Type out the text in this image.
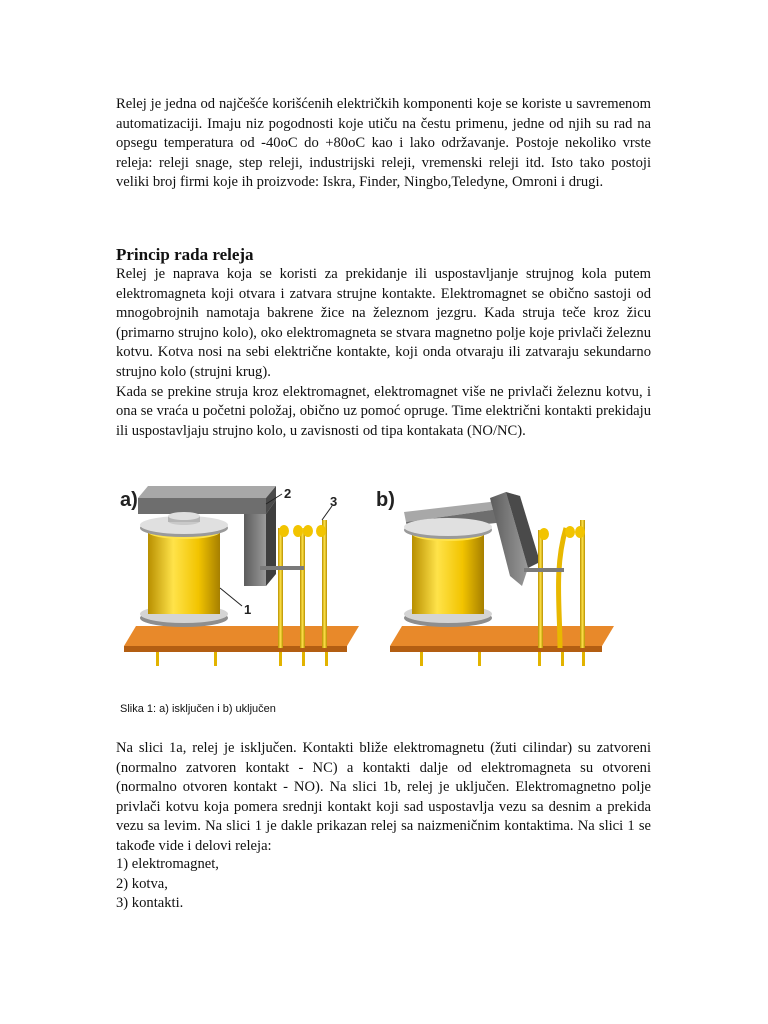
Relej je jedna od najčešće korišćenih električkih komponenti koje se koriste u savremenom automatizaciji. Imaju niz pogodnosti koje utiču na čestu primenu, jedne od njih su rad na opsegu temperatura od -40oC do +80oC kao i lako održavanje. Postoje nekoliko vrste releja: releji snage, step releji, industrijski releji, vremenski releji itd. Isto tako postoji veliki broj firmi koje ih proizvode: Iskra, Finder, Ningbo,Teledyne, Omroni i drugi.

Princip rada releja
Relej je naprava koja se koristi za prekidanje ili uspostavljanje strujnog kola putem elektromagneta koji otvara i zatvara strujne kontakte. Elektromagnet se obično sastoji od mnogobrojnih namotaja bakrene žice na železnom jezgru. Kada struja teče kroz žicu (primarno strujno kolo), oko elektromagneta se stvara magnetno polje koje privlači železnu kotvu. Kotva nosi na sebi električne kontakte, koji onda otvaraju ili zatvaraju sekundarno strujno kolo (strujni krug).
Kada se prekine struja kroz elektromagnet, elektromagnet više ne privlači železnu kotvu, i ona se vraća u početni položaj, obično uz pomoć opruge. Time električni kontakti prekidaju ili uspostavljaju strujno kolo, u zavisnosti od tipa kontakata (NO/NC).
a)	2
3
1
b)
Slika 1: a) isključen i b) uključen

Na slici 1a, relej je isključen. Kontakti bliže elektromagnetu (žuti cilindar) su zatvoreni (normalno zatvoren kontakt - NC) a kontakti dalje od elektromagneta su otvoreni (normalno otvoren kontakt - NO). Na slici 1b, relej je uključen. Elektromagnetno polje privlači kotvu koja pomera srednji kontakt koji sad uspostavlja vezu sa desnim a prekida vezu sa levim. Na slici 1 je dakle prikazan relej sa naizmeničnim kontaktima. Na slici 1 se takođe vide i delovi releja:

1) elektromagnet,
2) kotva,
3) kontakti.
